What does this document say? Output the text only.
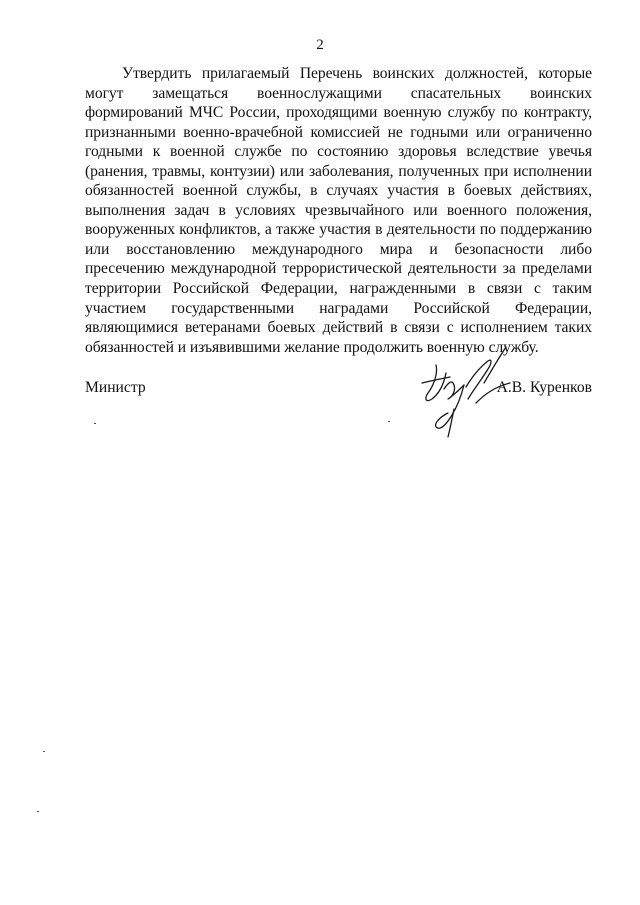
2

Утвердить прилагаемый Перечень воинских должностей, которые могут замещаться военнослужащими спасательных воинских формирований МЧС России, проходящими военную службу по контракту, признанными военно-врачебной комиссией не годными или ограниченно годными к военной службе по состоянию здоровья вследствие увечья (ранения, травмы, контузии) или заболевания, полученных при исполнении обязанностей военной службы, в случаях участия в боевых действиях, выполнения задач в условиях чрезвычайного или военного положения, вооруженных конфликтов, а также участия в деятельности по поддержанию или восстановлению международного мира и безопасности либо пресечению международной террористической деятельности за пределами территории Российской Федерации, награжденными в связи с таким участием государственными наградами Российской Федерации, являющимися ветеранами боевых действий в связи с исполнением таких обязанностей и изъявившими желание продолжить военную службу.

Министр	А.В. Куренков
